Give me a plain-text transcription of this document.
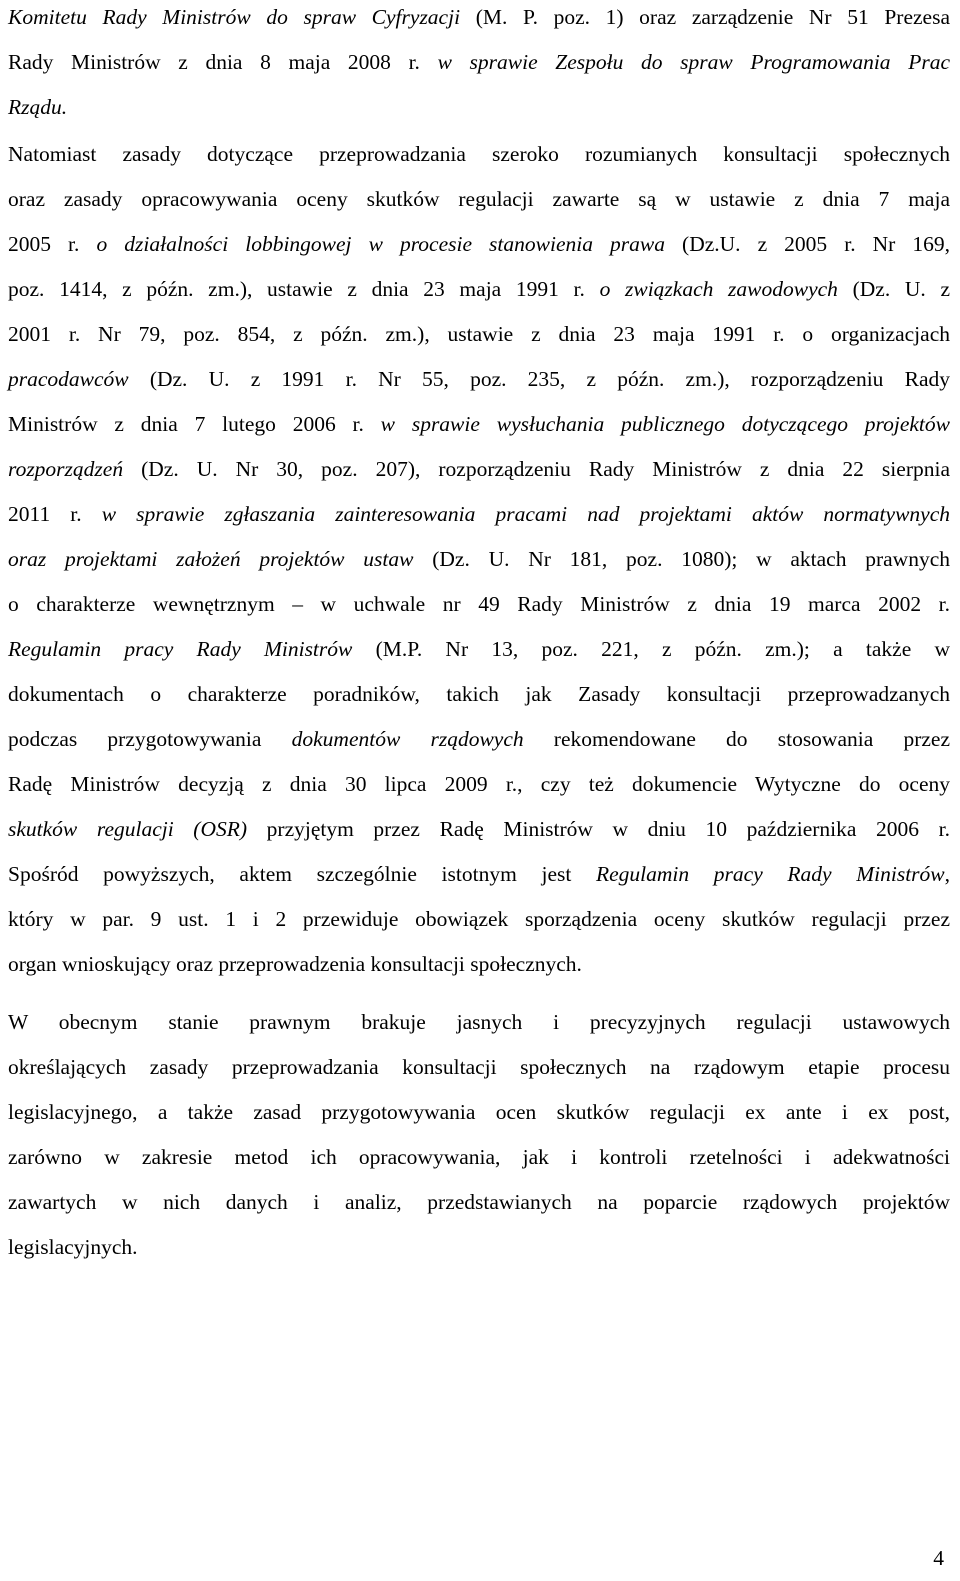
Komitetu Rady Ministrów do spraw Cyfryzacji (M. P. poz. 1) oraz zarządzenie Nr 51 Prezesa

Rady Ministrów z dnia 8 maja 2008 r. w sprawie Zespołu do spraw Programowania Prac

Rządu.

Natomiast zasady dotyczące przeprowadzania szeroko rozumianych konsultacji społecznych

oraz zasady opracowywania oceny skutków regulacji zawarte są w ustawie z dnia 7 maja

2005 r. o działalności lobbingowej w procesie stanowienia prawa (Dz.U. z 2005 r. Nr 169,

poz. 1414, z późn. zm.), ustawie z dnia 23 maja 1991 r. o związkach zawodowych (Dz. U. z

2001 r. Nr 79, poz. 854, z późn. zm.), ustawie z dnia 23 maja 1991 r. o organizacjach

pracodawców (Dz. U. z 1991 r. Nr 55, poz. 235, z późn. zm.), rozporządzeniu Rady

Ministrów z dnia 7 lutego 2006 r. w sprawie wysłuchania publicznego dotyczącego projektów

rozporządzeń (Dz. U. Nr 30, poz. 207), rozporządzeniu Rady Ministrów z dnia 22 sierpnia

2011 r. w sprawie zgłaszania zainteresowania pracami nad projektami aktów normatywnych

oraz projektami założeń projektów ustaw (Dz. U. Nr 181, poz. 1080); w aktach prawnych

o charakterze wewnętrznym – w uchwale nr 49 Rady Ministrów z dnia 19 marca 2002 r.

Regulamin pracy Rady Ministrów (M.P. Nr 13, poz. 221, z późn. zm.); a także w

dokumentach o charakterze poradników, takich jak Zasady konsultacji przeprowadzanych

podczas przygotowywania dokumentów rządowych rekomendowane do stosowania przez

Radę Ministrów decyzją z dnia 30 lipca 2009 r., czy też dokumencie Wytyczne do oceny

skutków regulacji (OSR) przyjętym przez Radę Ministrów w dniu 10 października 2006 r.

Spośród powyższych, aktem szczególnie istotnym jest Regulamin pracy Rady Ministrów,

który w par. 9 ust. 1 i 2 przewiduje obowiązek sporządzenia oceny skutków regulacji przez

organ wnioskujący oraz przeprowadzenia konsultacji społecznych.

W obecnym stanie prawnym brakuje jasnych i precyzyjnych regulacji ustawowych

określających zasady przeprowadzania konsultacji społecznych na rządowym etapie procesu

legislacyjnego, a także zasad przygotowywania ocen skutków regulacji ex ante i ex post,

zarówno w zakresie metod ich opracowywania, jak i kontroli rzetelności i adekwatności

zawartych w nich danych i analiz, przedstawianych na poparcie rządowych projektów

legislacyjnych.

4
